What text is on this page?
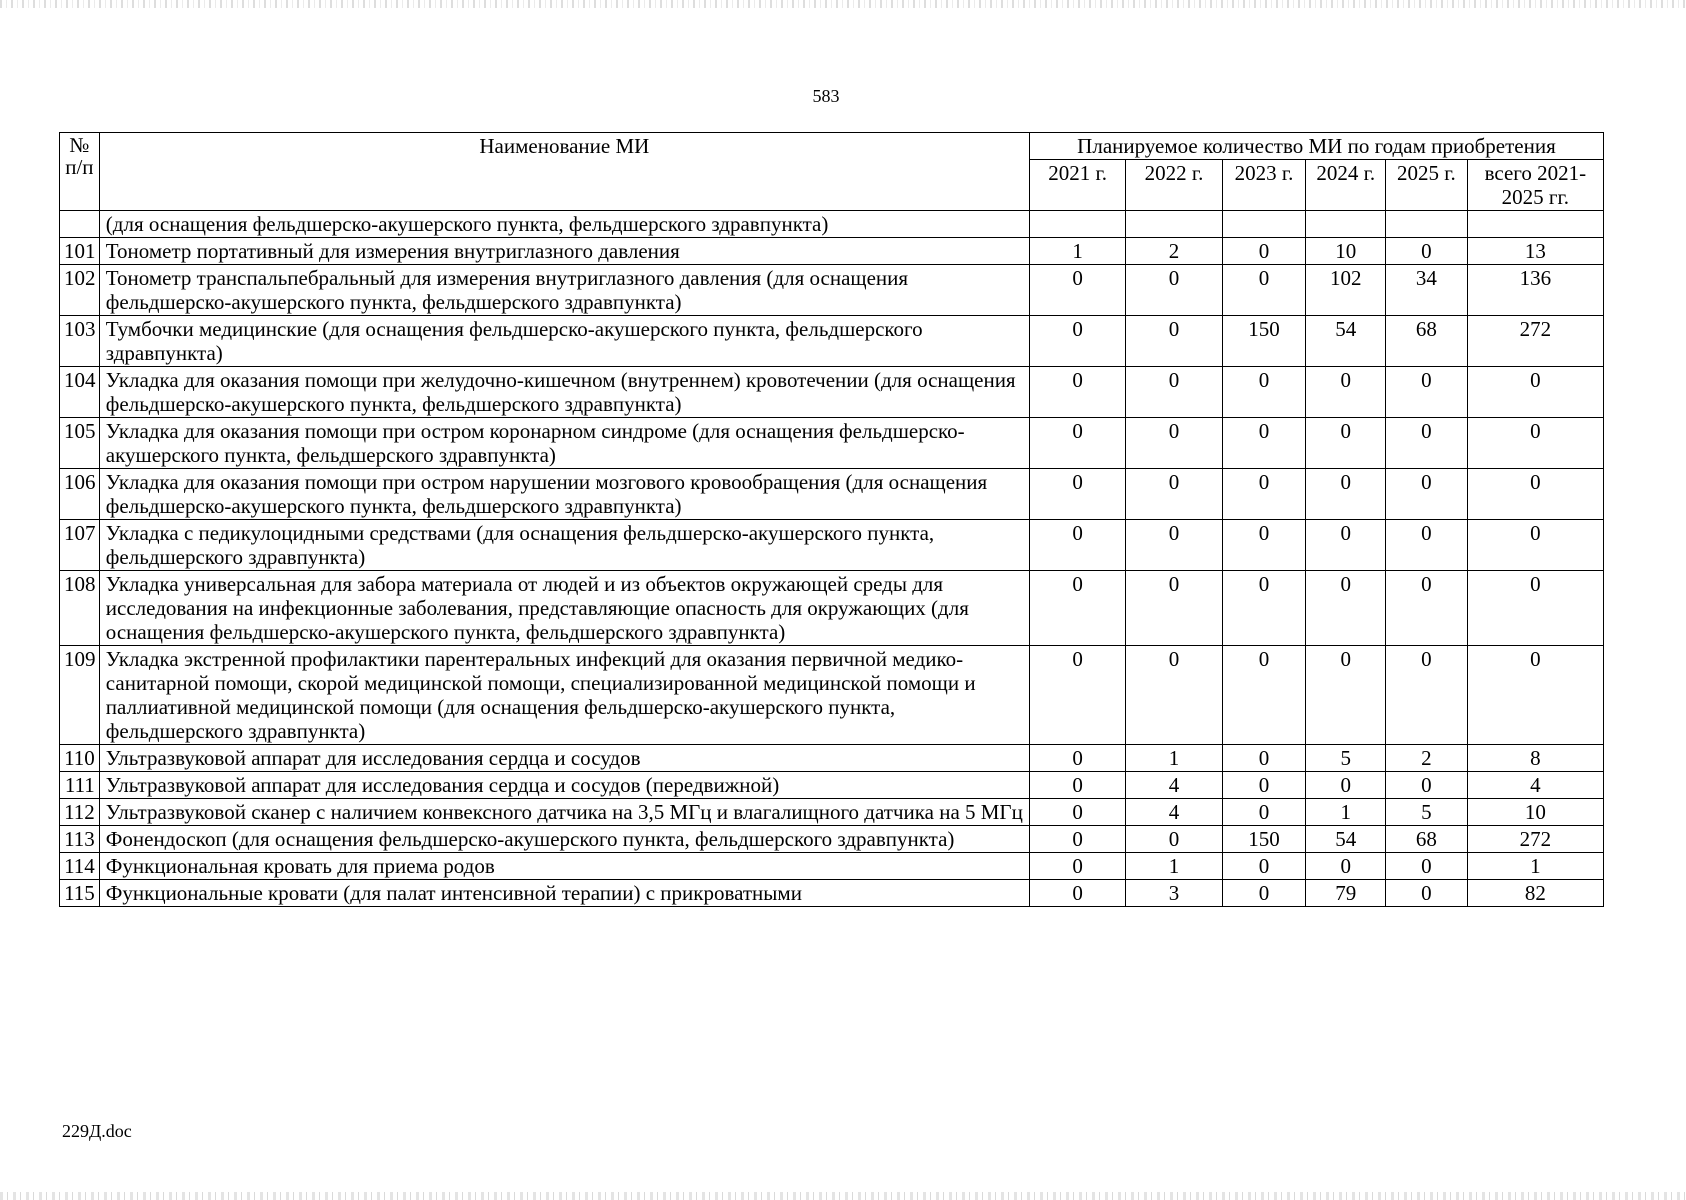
583
№ п/п	Наименование МИ	Планируемое количество МИ по годам приобретения					
		2021 г.	2022 г.	2023 г.	2024 г.	2025 г.	всего 2021-2025 гг.
	(для оснащения фельдшерско-акушерского пункта, фельдшерского здравпункта)						
101	Тонометр портативный для измерения внутриглазного давления	1	2	0	10	0	13
102	Тонометр транспальпебральный для измерения внутриглазного давления (для оснащения фельдшерско-акушерского пункта, фельдшерского здравпункта)	0	0	0	102	34	136
103	Тумбочки медицинские (для оснащения фельдшерско-акушерского пункта, фельдшерского здравпункта)	0	0	150	54	68	272
104	Укладка для оказания помощи при желудочно-кишечном (внутреннем) кровотечении (для оснащения фельдшерско-акушерского пункта, фельдшерского здравпункта)	0	0	0	0	0	0
105	Укладка для оказания помощи при остром коронарном синдроме (для оснащения фельдшерско-акушерского пункта, фельдшерского здравпункта)	0	0	0	0	0	0
106	Укладка для оказания помощи при остром нарушении мозгового кровообращения (для оснащения фельдшерско-акушерского пункта, фельдшерского здравпункта)	0	0	0	0	0	0
107	Укладка с педикулоцидными средствами (для оснащения фельдшерско-акушерского пункта, фельдшерского здравпункта)	0	0	0	0	0	0
108	Укладка универсальная для забора материала от людей и из объектов окружающей среды для исследования на инфекционные заболевания, представляющие опасность для окружающих (для оснащения фельдшерско-акушерского пункта, фельдшерского здравпункта)	0	0	0	0	0	0
109	Укладка экстренной профилактики парентеральных инфекций для оказания первичной медико-санитарной помощи, скорой медицинской помощи, специализированной медицинской помощи и паллиативной медицинской помощи (для оснащения фельдшерско-акушерского пункта, фельдшерского здравпункта)	0	0	0	0	0	0
110	Ультразвуковой аппарат для исследования сердца и сосудов	0	1	0	5	2	8
111	Ультразвуковой аппарат для исследования сердца и сосудов (передвижной)	0	4	0	0	0	4
112	Ультразвуковой сканер с наличием конвексного датчика на 3,5 МГц и влагалищного датчика на 5 МГц	0	4	0	1	5	10
113	Фонендоскоп (для оснащения фельдшерско-акушерского пункта, фельдшерского здравпункта)	0	0	150	54	68	272
114	Функциональная кровать для приема родов	0	1	0	0	0	1
115	Функциональные кровати (для палат интенсивной терапии) с прикроватными	0	3	0	79	0	82
229Д.doc
